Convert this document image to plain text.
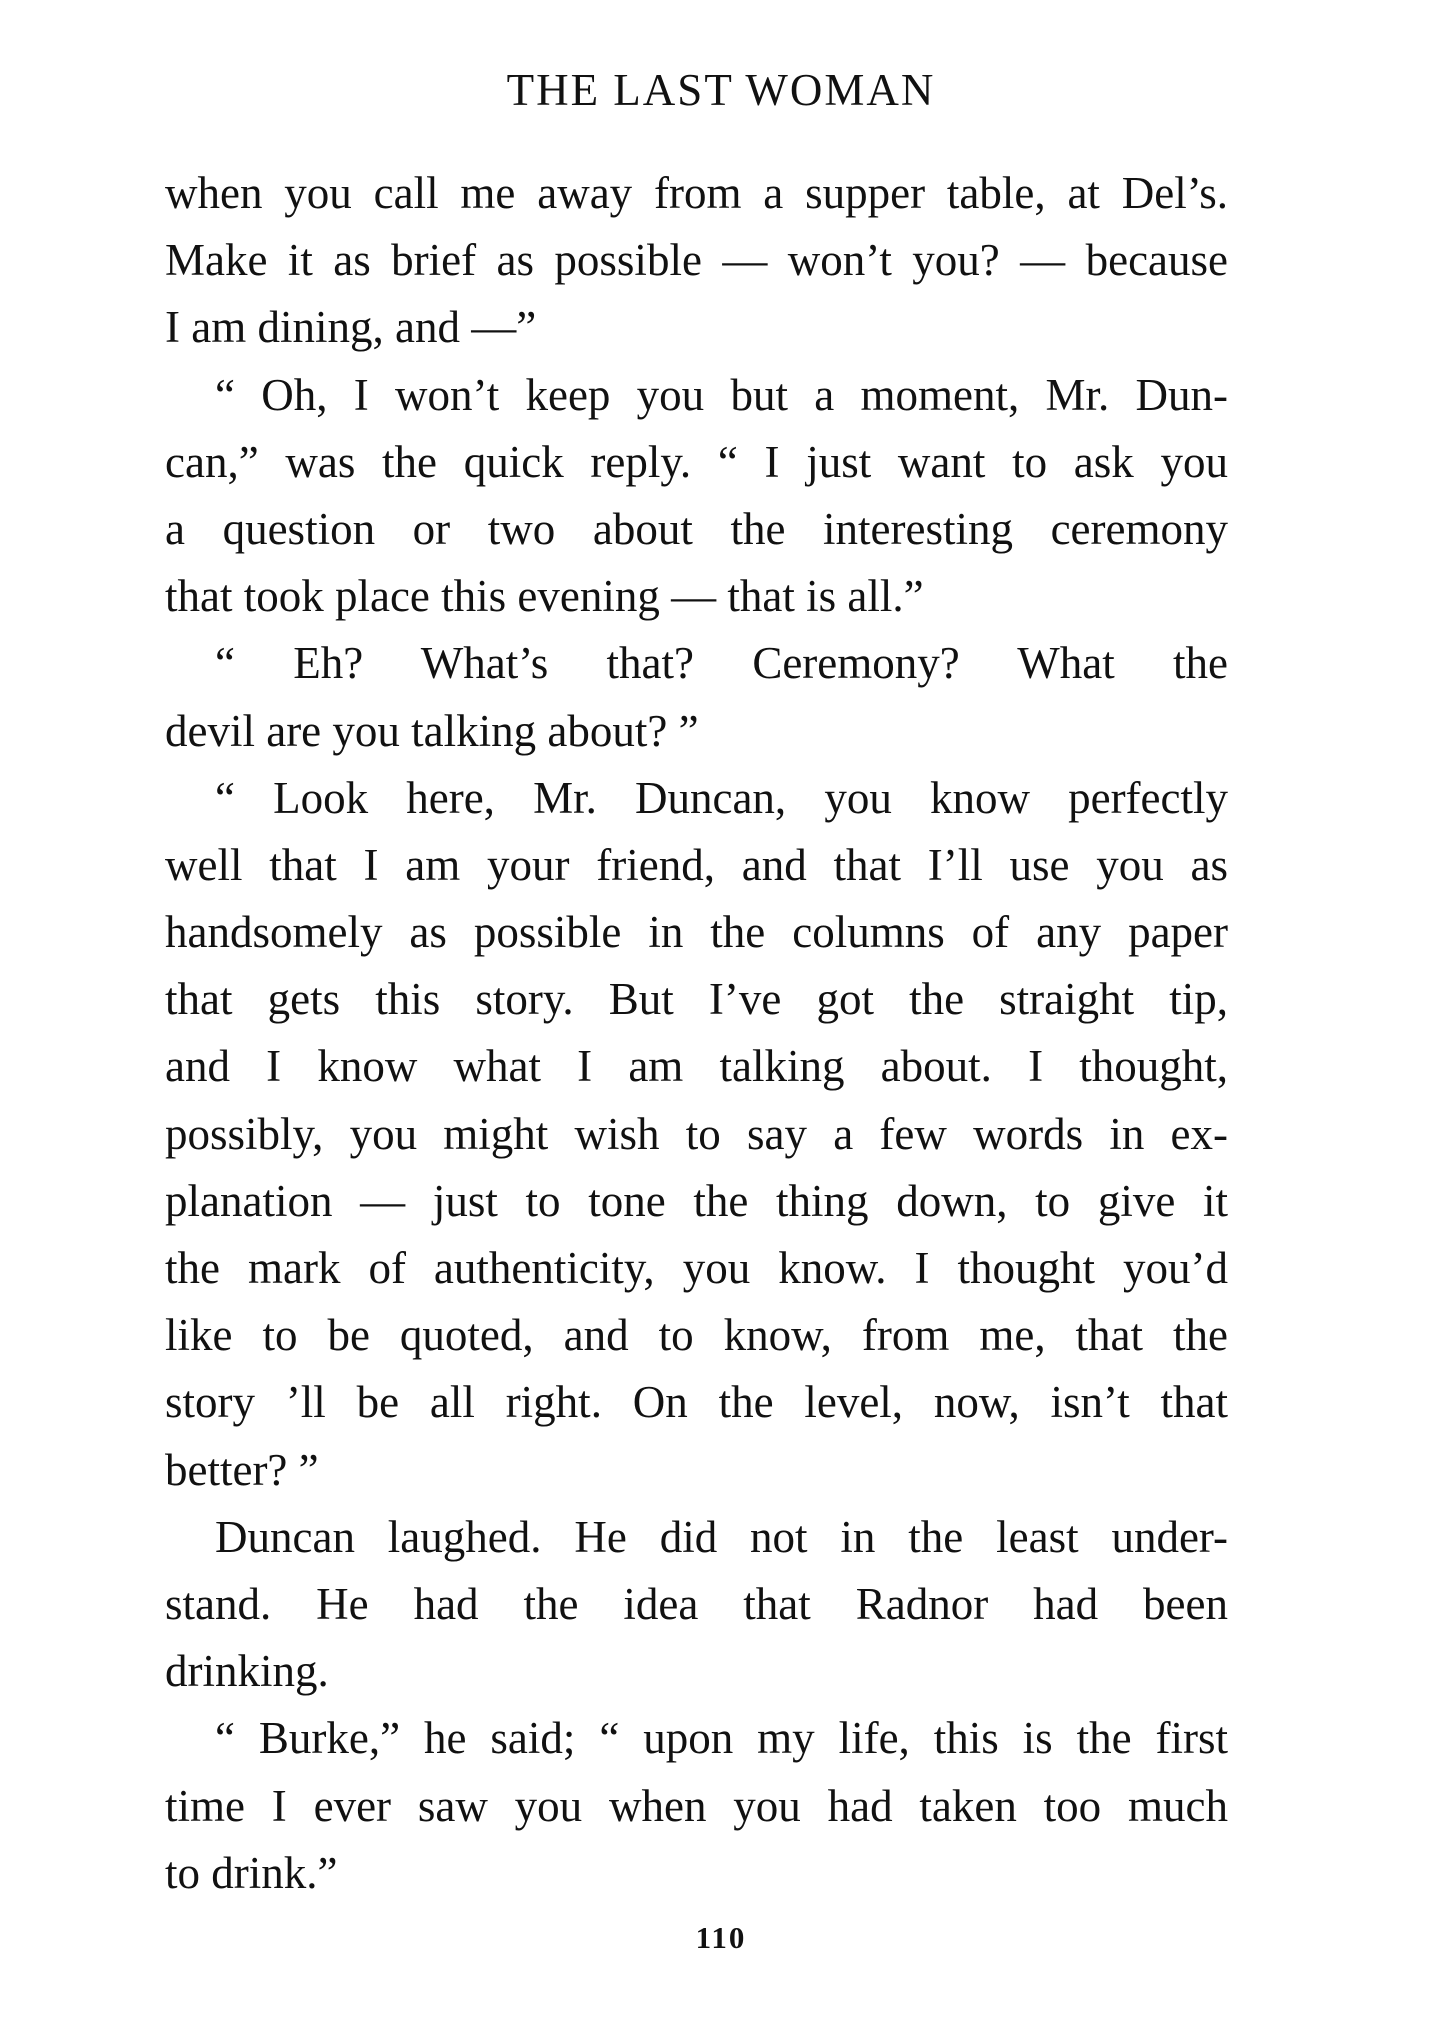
THE LAST WOMAN
when you call me away from a supper table, at Del’s.
Make it as brief as possible — won’t you? — because
I am dining, and —”
“ Oh, I won’t keep you but a moment, Mr. Dun-
can,” was the quick reply. “ I just want to ask you
a question or two about the interesting ceremony
that took place this evening — that is all.”
“ Eh? What’s that? Ceremony? What the
devil are you talking about? ”
“ Look here, Mr. Duncan, you know perfectly
well that I am your friend, and that I’ll use you as
handsomely as possible in the columns of any paper
that gets this story. But I’ve got the straight tip,
and I know what I am talking about. I thought,
possibly, you might wish to say a few words in ex-
planation — just to tone the thing down, to give it
the mark of authenticity, you know. I thought you’d
like to be quoted, and to know, from me, that the
story ’ll be all right. On the level, now, isn’t that
better? ”
Duncan laughed. He did not in the least under-
stand. He had the idea that Radnor had been
drinking.
“ Burke,” he said; “ upon my life, this is the first
time I ever saw you when you had taken too much
to drink.”
110
